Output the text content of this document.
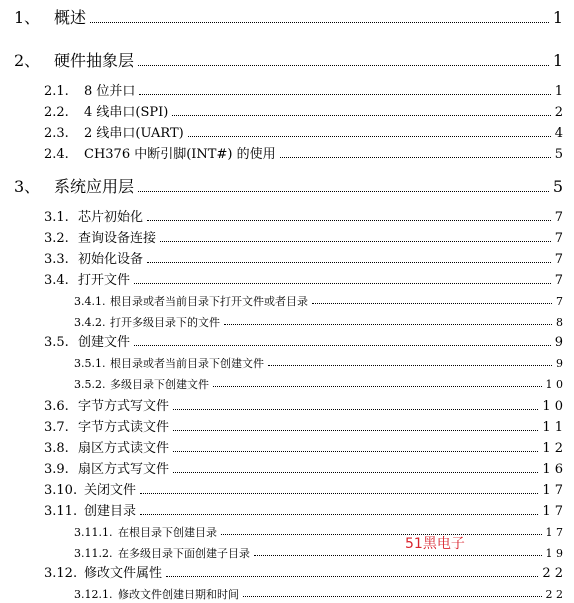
1、 概述	1
2、 硬件抽象层	1
2.1.	8 位并口	1
2.2.	4 线串口(SPI)	2
2.3.	2 线串口(UART)	4
2.4.	CH376 中断引脚(INT#) 的使用	5
3、 系统应用层	5
3.1. 芯片初始化	7
3.2. 查询设备连接	7
3.3. 初始化设备	7
3.4. 打开文件	7
3.4.1. 根目录或者当前目录下打开文件或者目录	7
3.4.2. 打开多级目录下的文件	8
3.5. 创建文件	9
3.5.1. 根目录或者当前目录下创建文件	9
3.5.2. 多级目录下创建文件	1 0
3.6. 字节方式写文件	1 0
3.7. 字节方式读文件	1 1
3.8. 扇区方式读文件	1 2
3.9. 扇区方式写文件	1 6
3.10. 关闭文件	1 7
3.11. 创建目录	1 7
3.11.1. 在根目录下创建目录	1 7
3.11.2. 在多级目录下面创建子目录	1 9
3.12. 修改文件属性	2 2
3.12.1. 修改文件创建日期和时间	2 2
51黑电子
